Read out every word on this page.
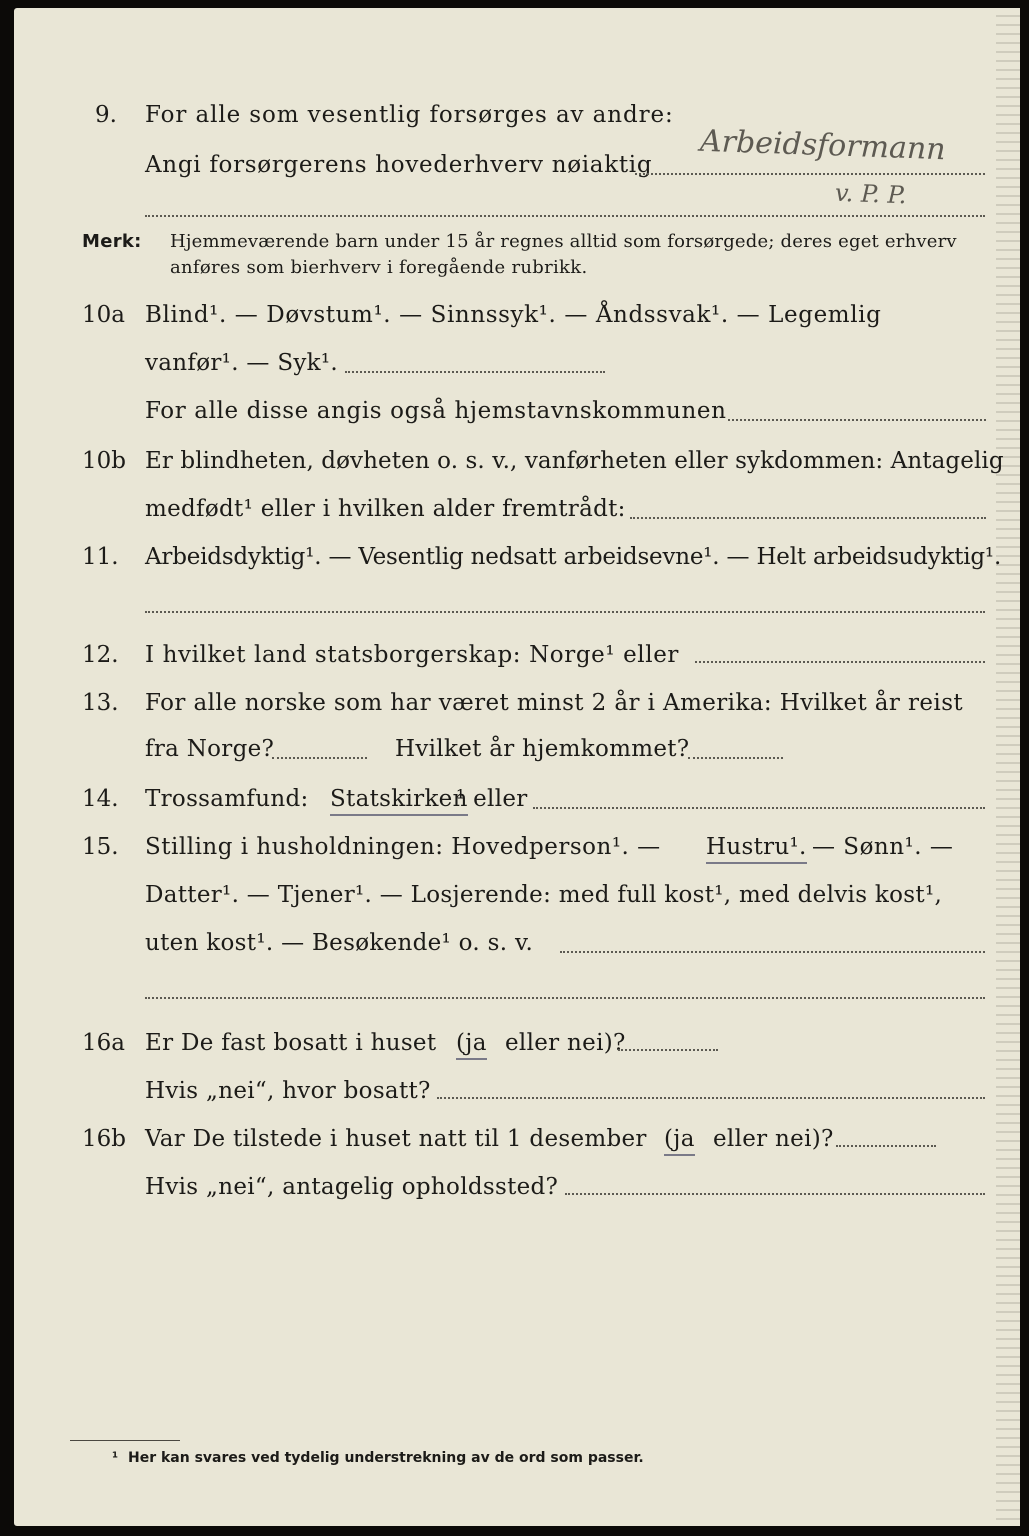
9. For alle som vesentlig forsørges av andre:
Angi forsørgerens hovederhverv nøiaktig Arbeidsformann
v. P. P.
Merk: Hjemmeværende barn under 15 år regnes alltid som forsørgede; deres eget erhverv
anføres som bierhverv i foregående rubrikk.
10a Blind¹. — Døvstum¹. — Sinnssyk¹. — Åndssvak¹. — Legemlig
vanfør¹. — Syk¹.
For alle disse angis også hjemstavnskommunen
10b Er blindheten, døvheten o. s. v., vanførheten eller sykdommen: Antagelig
medfødt¹ eller i hvilken alder fremtrådt:
11. Arbeidsdyktig¹. — Vesentlig nedsatt arbeidsevne¹. — Helt arbeidsudyktig¹.
12. I hvilket land statsborgerskap: Norge¹ eller
13. For alle norske som har været minst 2 år i Amerika: Hvilket år reist
fra Norge?	Hvilket år hjemkommet?
14. Trossamfund: Statskirken
¹ eller
15. Stilling i husholdningen: Hovedperson¹. — Hustru¹. — Sønn¹. —
Datter¹. — Tjener¹. — Losjerende: med full kost¹, med delvis kost¹,
uten kost¹. — Besøkende¹ o. s. v.
16a Er De fast bosatt i huset (ja eller nei)?
Hvis „nei“, hvor bosatt?
16b Var De tilstede i huset natt til 1 desember (ja eller nei)?
Hvis „nei“, antagelig opholdssted?
¹ Her kan svares ved tydelig understrekning av de ord som passer.
